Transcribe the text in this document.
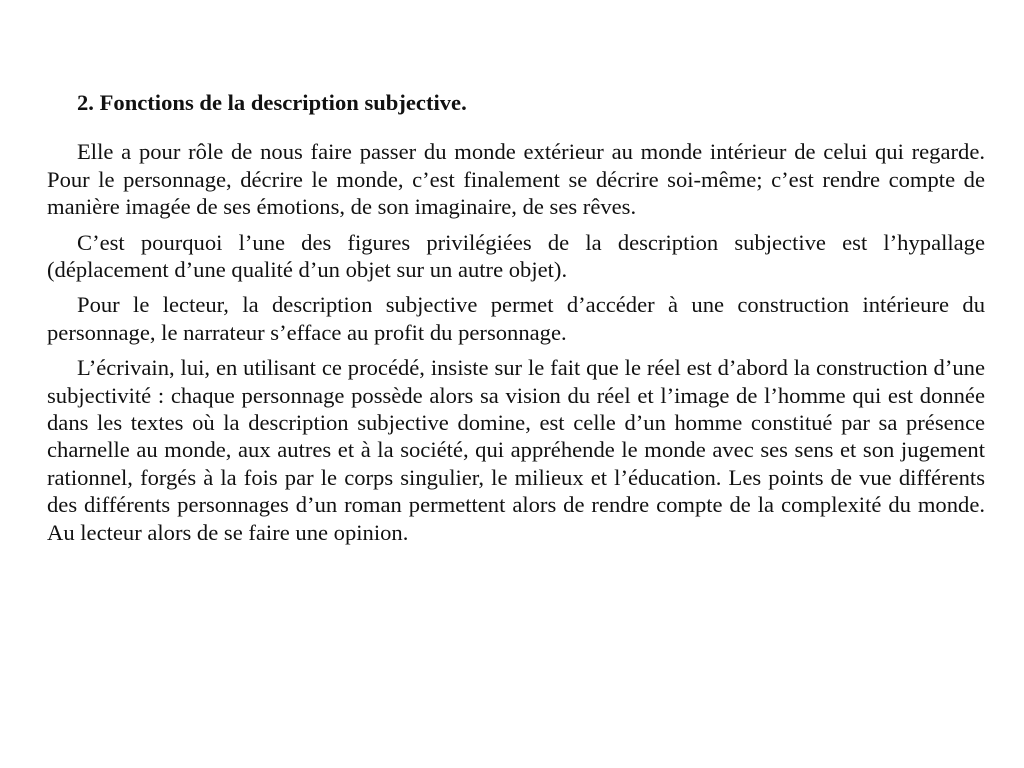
2. Fonctions de la description subjective.

Elle a pour rôle de nous faire passer du monde extérieur au monde intérieur de celui qui regarde. Pour le personnage, décrire le monde, c’est finalement se décrire soi-même; c’est rendre compte de manière imagée de ses émotions, de son imaginaire, de ses rêves.

C’est pourquoi l’une des figures privilégiées de la description subjective est l’hypallage (déplacement d’une qualité d’un objet sur un autre objet).

Pour le lecteur, la description subjective permet d’accéder à une construction intérieure du personnage, le narrateur s’efface au profit du personnage.

L’écrivain, lui, en utilisant ce procédé, insiste sur le fait que le réel est d’abord la construction d’une subjectivité : chaque personnage possède alors sa vision du réel et l’image de l’homme qui est donnée dans les textes où la description subjective domine, est celle d’un homme constitué par sa présence charnelle au monde, aux autres et à la société, qui appréhende le monde avec ses sens et son jugement rationnel, forgés à la fois par le corps singulier, le milieux et l’éducation. Les points de vue différents des différents personnages d’un roman permettent alors de rendre compte de la complexité du monde. Au lecteur alors de se faire une opinion.
